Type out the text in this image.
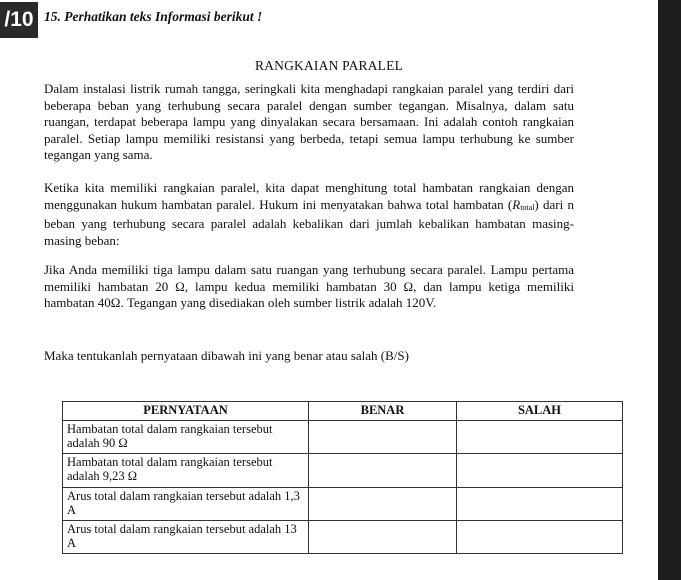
/10 15. Perhatikan teks Informasi berikut !
RANGKAIAN PARALEL

Dalam instalasi listrik rumah tangga, seringkali kita menghadapi rangkaian paralel yang terdiri dari beberapa beban yang terhubung secara paralel dengan sumber tegangan. Misalnya, dalam satu ruangan, terdapat beberapa lampu yang dinyalakan secara bersamaan. Ini adalah contoh rangkaian paralel. Setiap lampu memiliki resistansi yang berbeda, tetapi semua lampu terhubung ke sumber tegangan yang sama.

Ketika kita memiliki rangkaian paralel, kita dapat menghitung total hambatan rangkaian dengan menggunakan hukum hambatan paralel. Hukum ini menyatakan bahwa total hambatan (Rtotal) dari n beban yang terhubung secara paralel adalah kebalikan dari jumlah kebalikan hambatan masing-masing beban:

Jika Anda memiliki tiga lampu dalam satu ruangan yang terhubung secara paralel. Lampu pertama memiliki hambatan 20 Ω, lampu kedua memiliki hambatan 30 Ω, dan lampu ketiga memiliki hambatan 40Ω. Tegangan yang disediakan oleh sumber listrik adalah 120V.

Maka tentukanlah pernyataan dibawah ini yang benar atau salah (B/S)

PERNYATAAN	BENAR	SALAH
Hambatan total dalam rangkaian tersebut adalah 90 Ω		
Hambatan total dalam rangkaian tersebut adalah 9,23 Ω		
Arus total dalam rangkaian tersebut adalah 1,3 A		
Arus total dalam rangkaian tersebut adalah 13 A		
